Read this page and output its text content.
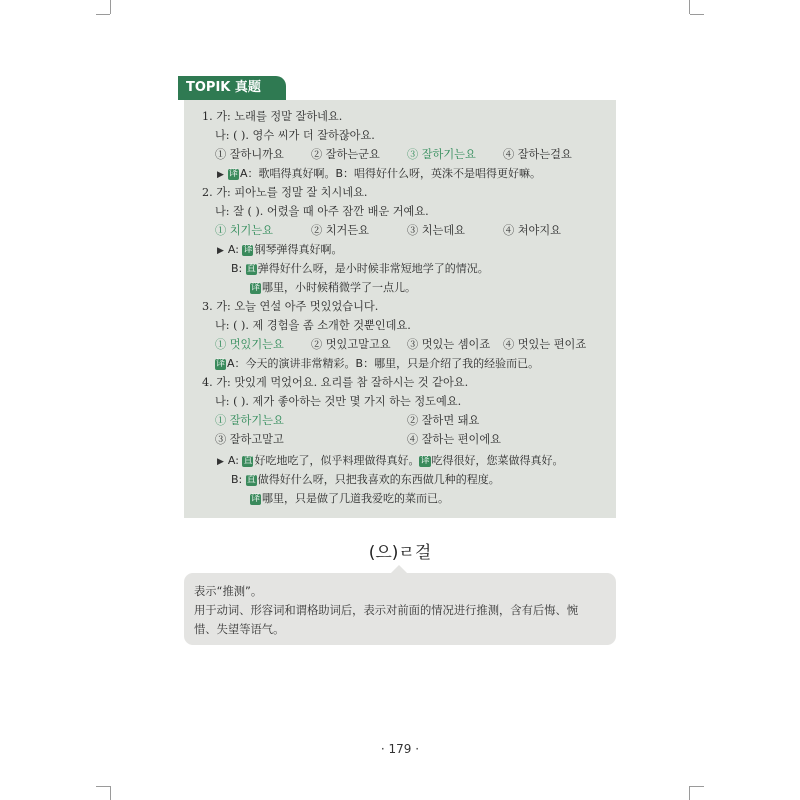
TOPIK 真题
1. 가: 노래를 정말 잘하네요.
나: ( ). 영수 씨가 더 잘하잖아요.
① 잘하니까요 ② 잘하는군요 ③ 잘하기는요 ④ 잘하는걸요
▶ 译 A：歌唱得真好啊。B：唱得好什么呀，英洙不是唱得更好嘛。
2. 가: 피아노를 정말 잘 치시네요.
나: 잘 ( ). 어렸을 때 아주 잠깐 배운 거예요.
① 치기는요	② 치거든요	③ 치는데요	④ 쳐야지요
▶ A: 译 钢琴弹得真好啊。
B: 直 弹得好什么呀，是小时候非常短地学了的情况。
译 哪里，小时候稍微学了一点儿。
3. 가: 오늘 연설 아주 멋있었습니다.
나: ( ). 제 경험을 좀 소개한 것뿐인데요.
① 멋있기는요 ② 멋있고말고요 ③ 멋있는 셈이죠 ④ 멋있는 편이죠
译 A：今天的演讲非常精彩。B：哪里，只是介绍了我的经验而已。
4. 가: 맛있게 먹었어요. 요리를 참 잘하시는 것 같아요.
나: ( ). 제가 좋아하는 것만 몇 가지 하는 정도예요.
① 잘하기는요	② 잘하면 돼요
③ 잘하고말고	④ 잘하는 편이에요
▶ A: 直 好吃地吃了，似乎料理做得真好。译 吃得很好，您菜做得真好。
B: 直 做得好什么呀，只把我喜欢的东西做几种的程度。
译 哪里，只是做了几道我爱吃的菜而已。
(으)ㄹ걸
表示“推测”。
用于动词、形容词和谓格助词后，表示对前面的情况进行推测，含有后悔、惋
惜、失望等语气。
· 179 ·
